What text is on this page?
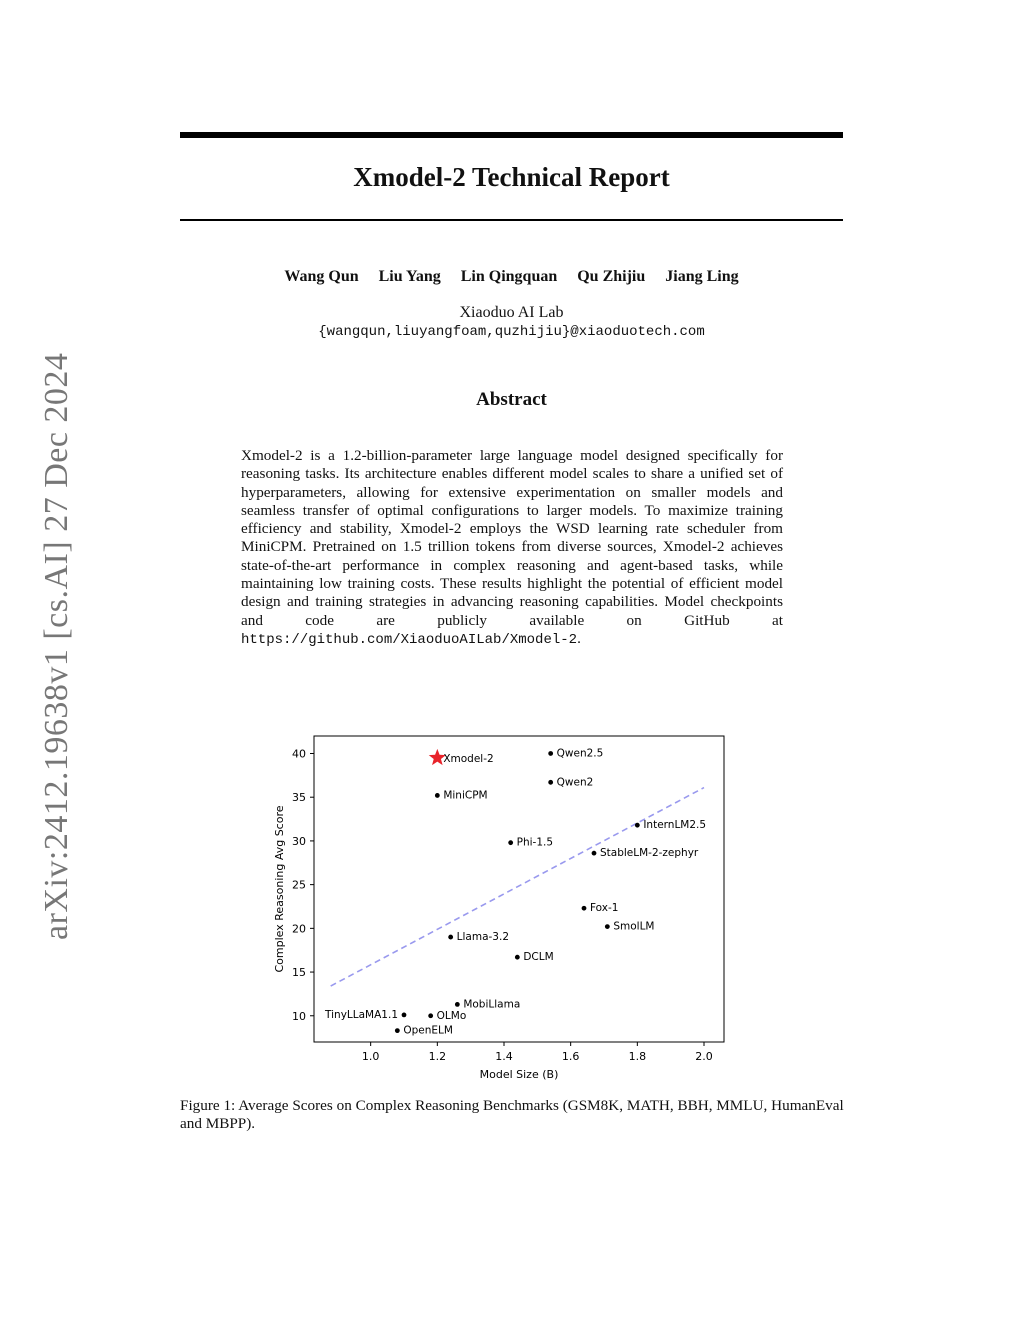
arXiv:2412.19638v1 [cs.AI] 27 Dec 2024
Xmodel-2 Technical Report
Wang Qun Liu Yang Lin Qingquan Qu Zhijiu Jiang Ling
Xiaoduo AI Lab
{wangqun,liuyangfoam,quzhijiu}@xiaoduotech.com
Abstract
Xmodel-2 is a 1.2-billion-parameter large language model designed specifically for reasoning tasks. Its architecture enables different model scales to share a unified set of hyperparameters, allowing for extensive experimentation on smaller models and seamless transfer of optimal configurations to larger models. To maximize training efficiency and stability, Xmodel-2 employs the WSD learning rate scheduler from MiniCPM. Pretrained on 1.5 trillion tokens from diverse sources, Xmodel-2 achieves state-of-the-art performance in complex reasoning and agent-based tasks, while maintaining low training costs. These results highlight the potential of efficient model design and training strategies in advancing reasoning capabilities. Model checkpoints and code are publicly available on GitHub at https://github.com/XiaoduoAILab/Xmodel-2.
1.0	1.2	1.4	1.6	1.8	2.0
10
15
20
25
30
35
40
Model Size (B)
Complex Reasoning Avg Score
Xmodel-2	Qwen2.5
Qwen2
MiniCPM
InternLM2.5
Phi-1.5
StableLM-2-zephyr
Fox-1
SmolLM
Llama-3.2
DCLM
MobiLlama
TinyLLaMA1.1	OLMo
OpenELM
Figure 1: Average Scores on Complex Reasoning Benchmarks (GSM8K, MATH, BBH, MMLU, HumanEval and MBPP).
